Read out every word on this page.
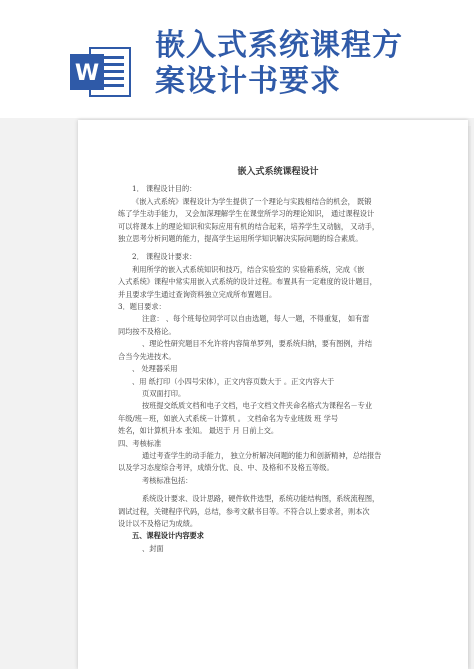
W
嵌入式系统课程方
案设计书要求
嵌入式系统课程设计
1． 课程设计目的：
《嵌入式系统》课程设计为学生提供了一个理论与实践相结合的机会， 既锻
练了学生动手能力， 又会加深理解学生在课堂所学习的理论知识， 通过课程设计
可以将课本上的理论知识和实际应用有机的结合起来，培养学生又动脑， 又动手，
独立思考分析问题的能力，提高学生运用所学知识解决实际问题的综合素质。
2． 课程设计要求：
利用所学的嵌入式系统知识和技巧，结合实验室的 实验箱系统，完成《嵌
入式系统》课程中常实用嵌入式系统的设计过程。布置具有一定难度的设计题目，
并且要求学生通过查询资料独立完成所布置题目。
3．题目要求：
注意： 、每个班每位同学可以自由选题，每人一题，不得重复， 如有雷
同均按不及格论。
、理论性研究题目不允许将内容简单罗列，要系统归纳，要有图例，并结
合当今先进技术。
、 处理器采用
、用 纸打印（小四号宋体），正文内容页数大于 。正文内容大于
页双面打印。
按班提交纸质文档和电子文档，电子文档文件夹命名格式为课程名－专业
年级/班－班，如嵌入式系统－计算机 。 文档命名为专业班级 班 学号
姓名，如计算机升本 张知。 最迟于 月 日前上交。
四、考核标准
通过考查学生的动手能力， 独立分析解决问题的能力和创新精神，总结报告
以及学习态度综合考评，成绩分优、良、中、及格和不及格五等级。
考核标准包括：
系统设计要求、设计思路，硬件软件选型，系统功能结构图，系统流程图，
调试过程，关键程序代码，总结，参考文献书目等。不符合以上要求者，则本次
设计以不及格记为成绩。
五、课程设计内容要求
、封面
